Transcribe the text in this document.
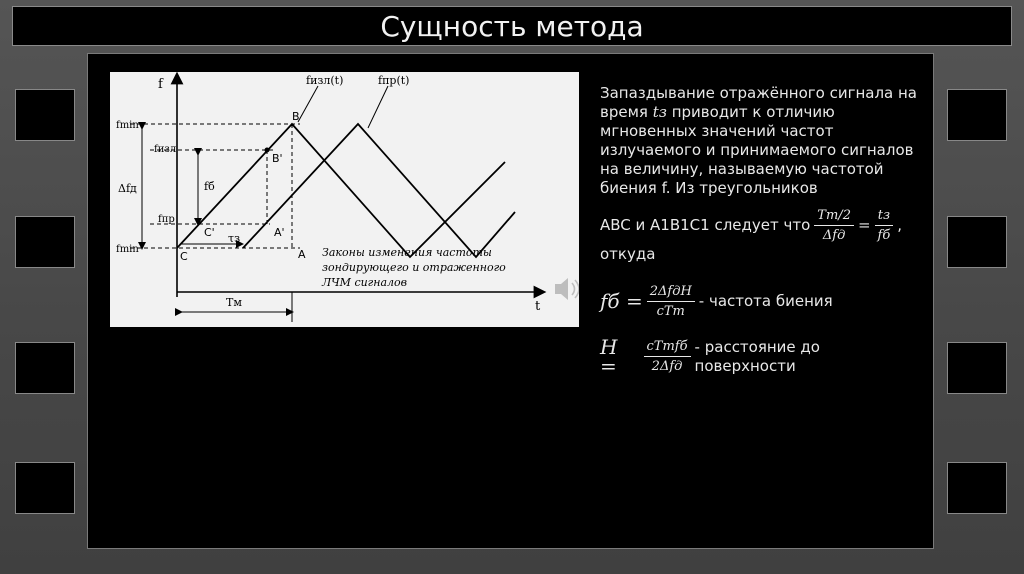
Сущность метода
f
t
fизл(t)	fпр(t)
fmin
fизл
Δfд	fб
fпр
fmin
B
B'
A'
C'
C	A
τз
Tм
Законы изменения частоты
зондирующего и отраженного
ЛЧМ сигналов
Запаздывание отражённого сигнала на время tз приводит к отличию мгновенных значений частот излучаемого и принимаемого сигналов на величину, называемую частотой биения f. Из треугольников
ABC и A1B1C1 следует что $\frac{Tm/2}{\text{Δfд}} = \frac{tз}{fб}$ ,
откуда
fб = $\frac{\text{2ΔfдH}}{\text{cTm}}$ - частота биения
H =	$\frac{\text{cTmfб}}{\text{2Δfд}}$ - расстояние до поверхности
